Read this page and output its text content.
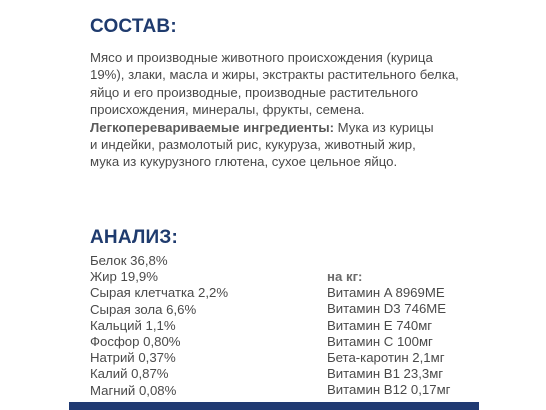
СОСТАВ:
Мясо и производные животного происхождения (курица
19%), злаки, масла и жиры, экстракты растительного белка,
яйцо и его производные, производные растительного
происхождения, минералы, фрукты, семена.
Легкоперевариваемые ингредиенты: Мука из курицы
и индейки, размолотый рис, кукуруза, животный жир,
мука из кукурузного глютена, сухое цельное яйцо.
АНАЛИЗ:
Белок 36,8%
Жир 19,9%
Сырая клетчатка 2,2%
Сырая зола 6,6%
Кальций 1,1%
Фосфор 0,80%
Натрий 0,37%
Калий 0,87%
Магний 0,08%
на кг:
Витамин A 8969МЕ
Витамин D3 746МЕ
Витамин E 740мг
Витамин C 100мг
Бета-каротин 2,1мг
Витамин B1 23,3мг
Витамин B12 0,17мг
